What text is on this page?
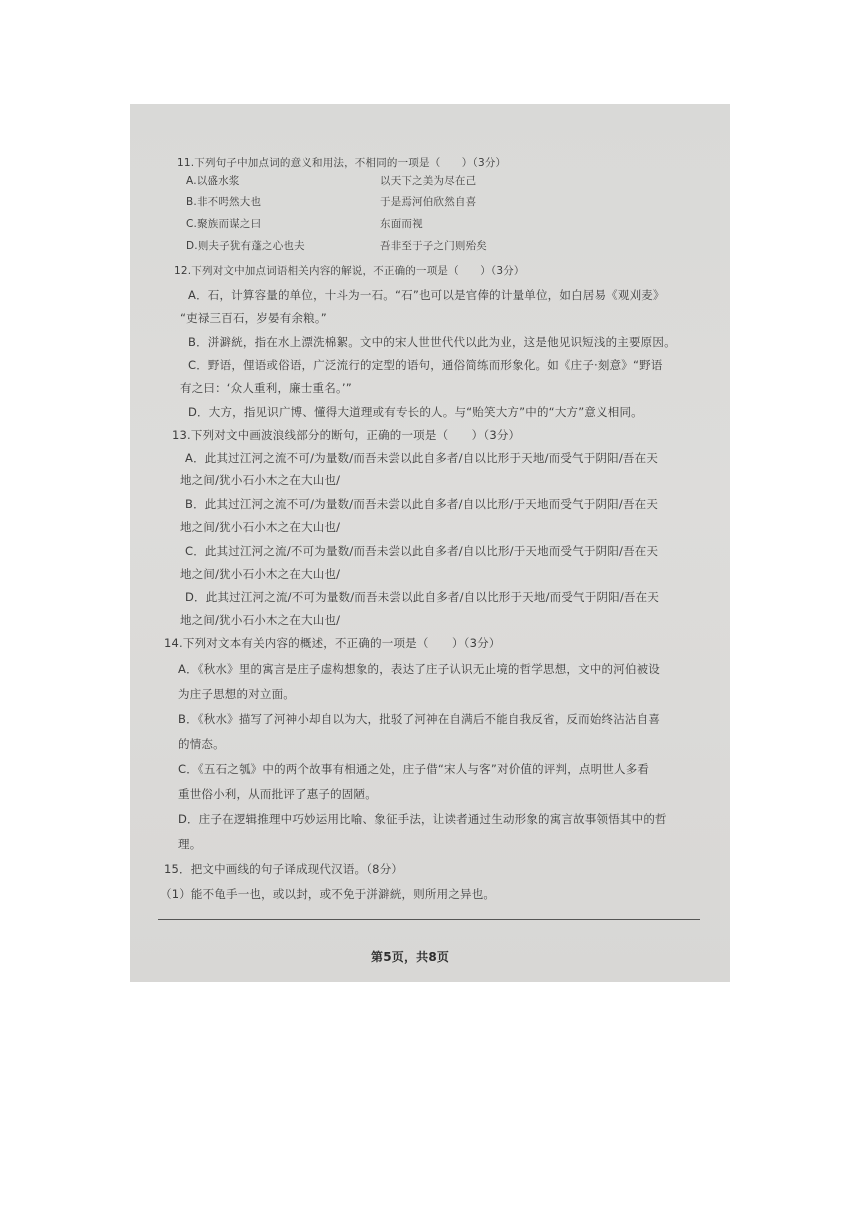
11.下列句子中加点词的意义和用法，不相同的一项是（　　）（3分）
A.以盛水浆	以天下之美为尽在己
B.非不呺然大也	于是焉河伯欣然自喜
C.聚族而谋之曰	东面而视
D.则夫子犹有蓬之心也夫	吾非至于子之门则殆矣
12.下列对文中加点词语相关内容的解说，不正确的一项是（　　）（3分）
A．石，计算容量的单位，十斗为一石。“石”也可以是官俸的计量单位，如白居易《观刈麦》
“吏禄三百石，岁晏有余粮。”
B．洴澼絖，指在水上漂洗棉絮。文中的宋人世世代代以此为业，这是他见识短浅的主要原因。
C．野语，俚语或俗语，广泛流行的定型的语句，通俗简练而形象化。如《庄子·刻意》“野语
有之曰：‘众人重利，廉士重名。’”
D．大方，指见识广博、懂得大道理或有专长的人。与“贻笑大方”中的“大方”意义相同。
13.下列对文中画波浪线部分的断句，正确的一项是（　　）（3分）
A．此其过江河之流不可/为量数/而吾未尝以此自多者/自以比形于天地/而受气于阴阳/吾在天
地之间/犹小石小木之在大山也/
B．此其过江河之流不可/为量数/而吾未尝以此自多者/自以比形/于天地而受气于阴阳/吾在天
地之间/犹小石小木之在大山也/
C．此其过江河之流/不可为量数/而吾未尝以此自多者/自以比形/于天地而受气于阴阳/吾在天
地之间/犹小石小木之在大山也/
D．此其过江河之流/不可为量数/而吾未尝以此自多者/自以比形于天地/而受气于阴阳/吾在天
地之间/犹小石小木之在大山也/
14.下列对文本有关内容的概述，不正确的一项是（　　）（3分）
A．《秋水》里的寓言是庄子虚构想象的，表达了庄子认识无止境的哲学思想，文中的河伯被设
为庄子思想的对立面。
B．《秋水》描写了河神小却自以为大，批驳了河神在自满后不能自我反省，反而始终沾沾自喜
的情态。
C．《五石之瓠》中的两个故事有相通之处，庄子借“宋人与客”对价值的评判，点明世人多看
重世俗小利，从而批评了惠子的固陋。
D．庄子在逻辑推理中巧妙运用比喻、象征手法，让读者通过生动形象的寓言故事领悟其中的哲
理。
15．把文中画线的句子译成现代汉语。（8分）
（1）能不龟手一也，或以封，或不免于洴澼絖，则所用之异也。
第5页，共8页
